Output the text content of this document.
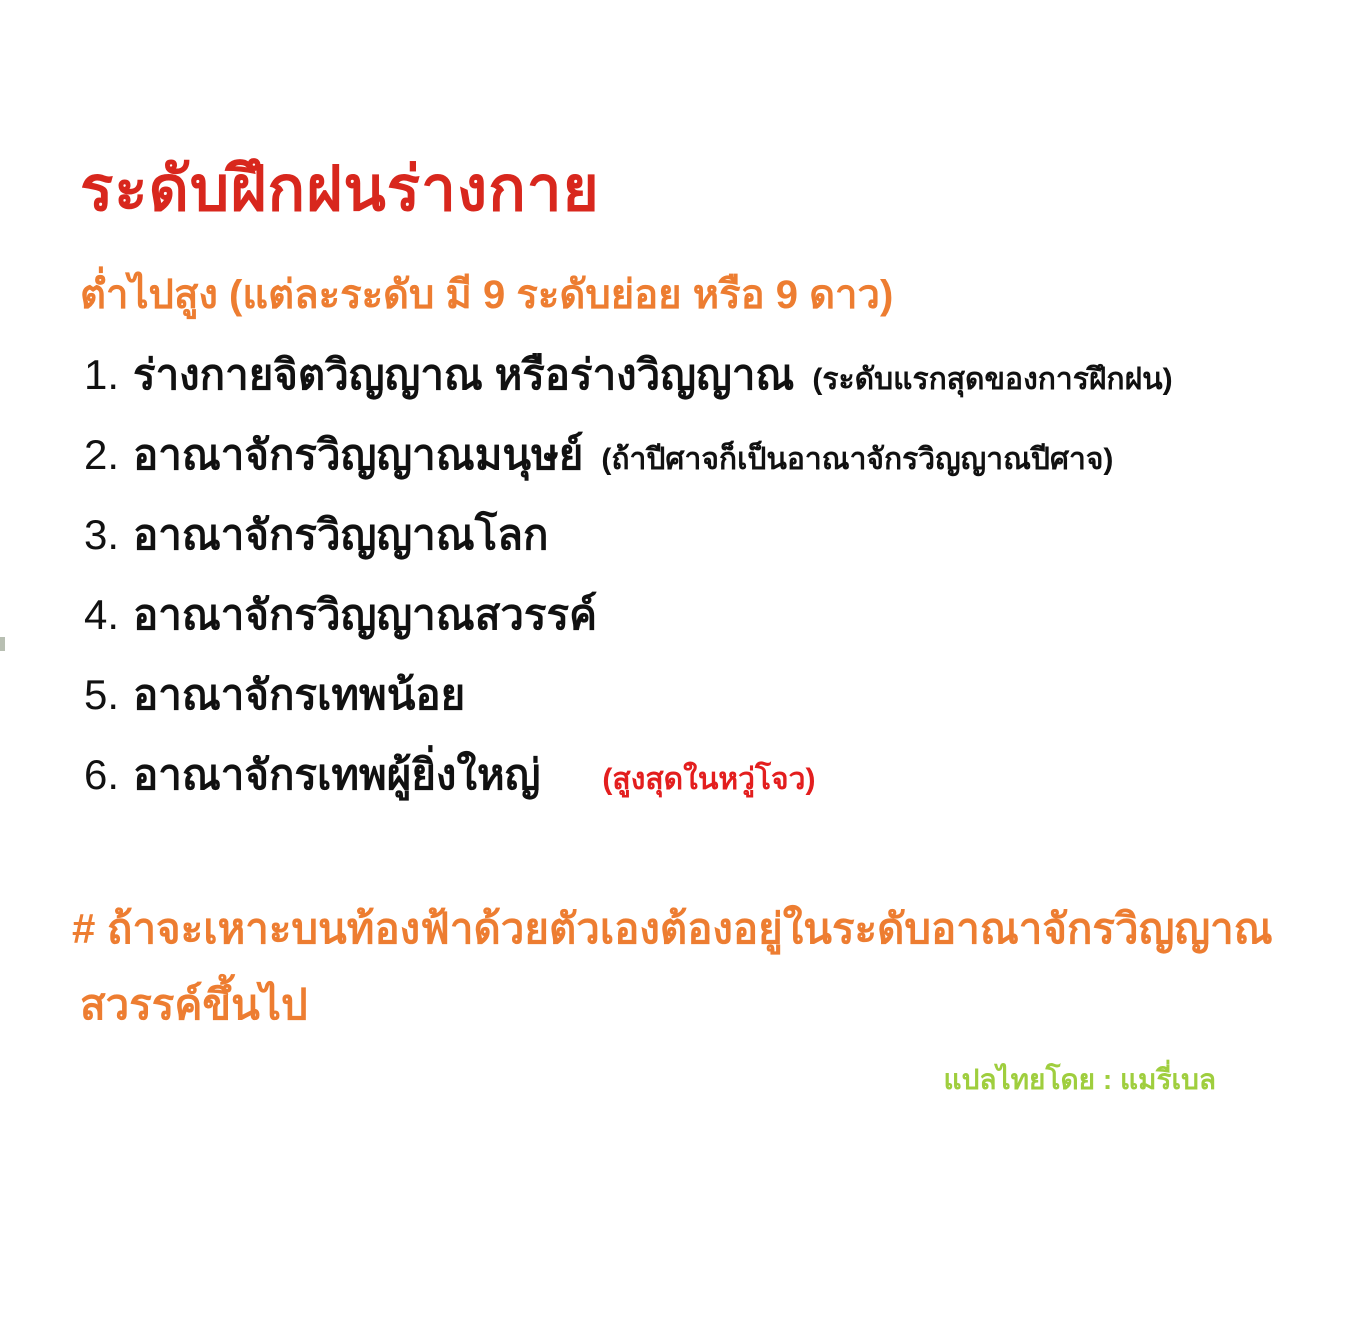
ระดับฝึกฝนร่างกาย
ต่ำไปสูง (แต่ละระดับ มี 9 ระดับย่อย หรือ 9 ดาว)
1. ร่างกายจิตวิญญาณ หรือร่างวิญญาณ (ระดับแรกสุดของการฝึกฝน)
2. อาณาจักรวิญญาณมนุษย์ (ถ้าปีศาจก็เป็นอาณาจักรวิญญาณปีศาจ)
3. อาณาจักรวิญญาณโลก
4. อาณาจักรวิญญาณสวรรค์
5. อาณาจักรเทพน้อย
6. อาณาจักรเทพผู้ยิ่งใหญ่ (สูงสุดในหวู่โจว)
# ถ้าจะเหาะบนท้องฟ้าด้วยตัวเองต้องอยู่ในระดับอาณาจักรวิญญาณ
สวรรค์ขึ้นไป
แปลไทยโดย : แมรี่เบล
